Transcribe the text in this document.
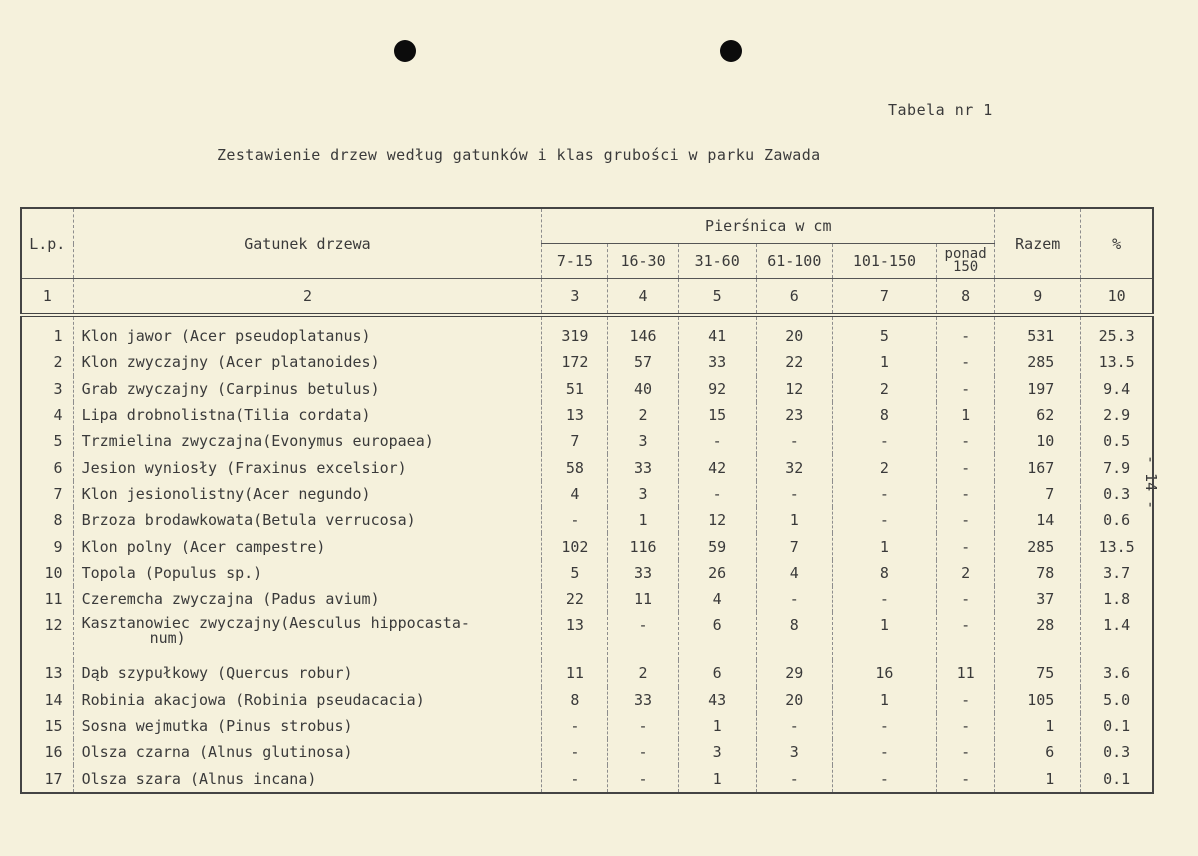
Tabela nr 1
Zestawienie drzew według gatunków i klas grubości w parku Zawada
- 14 -
L.p.	Gatunek drzewa	Pierśnica w cm						Razem	%
		7-15	16-30	31-60	61-100	101-150	ponad 150		
1	2	3	4	5	6	7	8	9	10
1	Klon jawor (Acer pseudoplatanus)	319	146	41	20	5	-	531	25.3
2	Klon zwyczajny (Acer platanoides)	172	57	33	22	1	-	285	13.5
3	Grab zwyczajny (Carpinus betulus)	51	40	92	12	2	-	197	9.4
4	Lipa drobnolistna(Tilia cordata)	13	2	15	23	8	1	62	2.9
5	Trzmielina zwyczajna(Evonymus europaea)	7	3	-	-	-	-	10	0.5
6	Jesion wyniosły (Fraxinus excelsior)	58	33	42	32	2	-	167	7.9
7	Klon jesionolistny(Acer negundo)	4	3	-	-	-	-	7	0.3
8	Brzoza brodawkowata(Betula verrucosa)	-	1	12	1	-	-	14	0.6
9	Klon polny (Acer campestre)	102	116	59	7	1	-	285	13.5
10	Topola (Populus sp.)	5	33	26	4	8	2	78	3.7
11	Czeremcha zwyczajna (Padus avium)	22	11	4	-	-	-	37	1.8
12	Kasztanowiec zwyczajny(Aesculus hippocasta-
num)	13	-	6	8	1	-	28	1.4
13	Dąb szypułkowy (Quercus robur)	11	2	6	29	16	11	75	3.6
14	Robinia akacjowa (Robinia pseudacacia)	8	33	43	20	1	-	105	5.0
15	Sosna wejmutka (Pinus strobus)	-	-	1	-	-	-	1	0.1
16	Olsza czarna (Alnus glutinosa)	-	-	3	3	-	-	6	0.3
17	Olsza szara (Alnus incana)	-	-	1	-	-	-	1	0.1
